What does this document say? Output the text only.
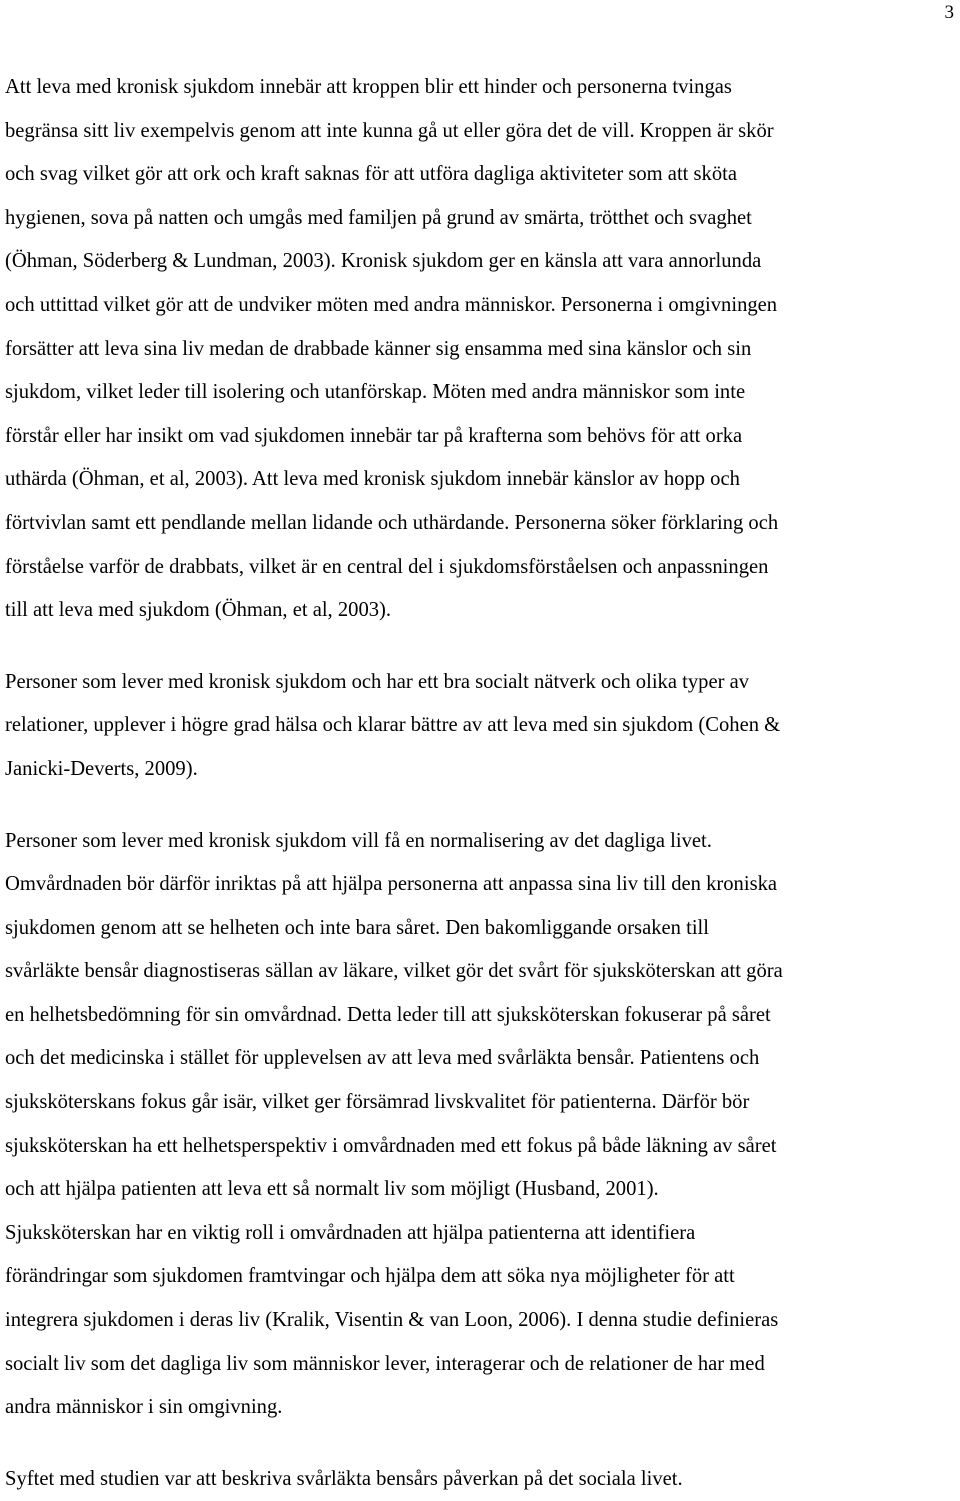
3

Att leva med kronisk sjukdom innebär att kroppen blir ett hinder och personerna tvingas
begränsa sitt liv exempelvis genom att inte kunna gå ut eller göra det de vill. Kroppen är skör
och svag vilket gör att ork och kraft saknas för att utföra dagliga aktiviteter som att sköta
hygienen, sova på natten och umgås med familjen på grund av smärta, trötthet och svaghet
(Öhman, Söderberg & Lundman, 2003). Kronisk sjukdom ger en känsla att vara annorlunda
och uttittad vilket gör att de undviker möten med andra människor. Personerna i omgivningen
forsätter att leva sina liv medan de drabbade känner sig ensamma med sina känslor och sin
sjukdom, vilket leder till isolering och utanförskap. Möten med andra människor som inte
förstår eller har insikt om vad sjukdomen innebär tar på krafterna som behövs för att orka
uthärda (Öhman, et al, 2003). Att leva med kronisk sjukdom innebär känslor av hopp och
förtvivlan samt ett pendlande mellan lidande och uthärdande. Personerna söker förklaring och
förståelse varför de drabbats, vilket är en central del i sjukdomsförståelsen och anpassningen
till att leva med sjukdom (Öhman, et al, 2003).

Personer som lever med kronisk sjukdom och har ett bra socialt nätverk och olika typer av
relationer, upplever i högre grad hälsa och klarar bättre av att leva med sin sjukdom (Cohen &
Janicki-Deverts, 2009).

Personer som lever med kronisk sjukdom vill få en normalisering av det dagliga livet.
Omvårdnaden bör därför inriktas på att hjälpa personerna att anpassa sina liv till den kroniska
sjukdomen genom att se helheten och inte bara såret. Den bakomliggande orsaken till
svårläkte bensår diagnostiseras sällan av läkare, vilket gör det svårt för sjuksköterskan att göra
en helhetsbedömning för sin omvårdnad. Detta leder till att sjuksköterskan fokuserar på såret
och det medicinska i stället för upplevelsen av att leva med svårläkta bensår. Patientens och
sjuksköterskans fokus går isär, vilket ger försämrad livskvalitet för patienterna. Därför bör
sjuksköterskan ha ett helhetsperspektiv i omvårdnaden med ett fokus på både läkning av såret
och att hjälpa patienten att leva ett så normalt liv som möjligt (Husband, 2001).
Sjuksköterskan har en viktig roll i omvårdnaden att hjälpa patienterna att identifiera
förändringar som sjukdomen framtvingar och hjälpa dem att söka nya möjligheter för att
integrera sjukdomen i deras liv (Kralik, Visentin & van Loon, 2006). I denna studie definieras
socialt liv som det dagliga liv som människor lever, interagerar och de relationer de har med
andra människor i sin omgivning.

Syftet med studien var att beskriva svårläkta bensårs påverkan på det sociala livet.
